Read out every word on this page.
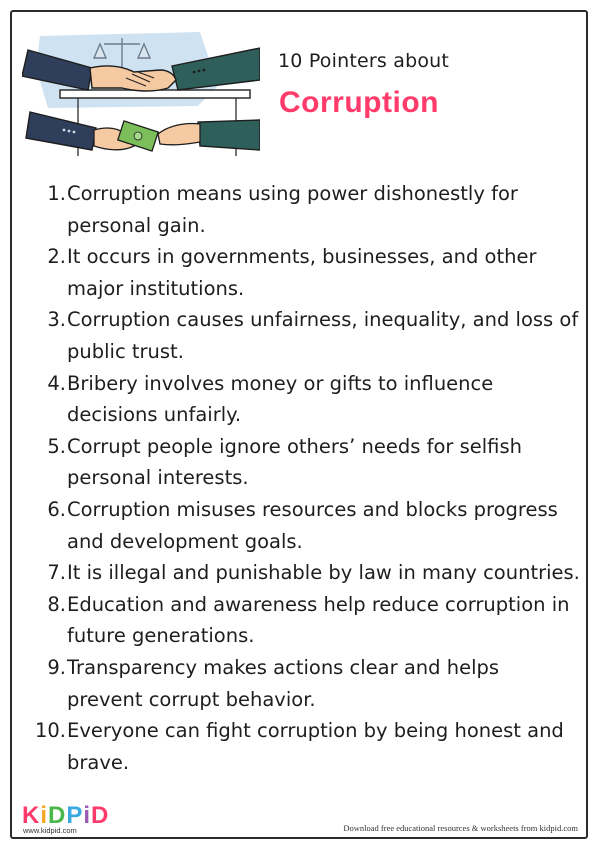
10 Pointers about
Corruption
1. Corruption means using power dishonestly for personal gain.
2. It occurs in governments, businesses, and other major institutions.
3. Corruption causes unfairness, inequality, and loss of public trust.
4. Bribery involves money or gifts to influence decisions unfairly.
5. Corrupt people ignore others’ needs for selfish personal interests.
6. Corruption misuses resources and blocks progress and development goals.
7. It is illegal and punishable by law in many countries.
8. Education and awareness help reduce corruption in future generations.
9. Transparency makes actions clear and helps prevent corrupt behavior.
10. Everyone can fight corruption by being honest and brave.
KiDPiD
www.kidpid.com	Download free educational resources & worksheets from kidpid.com
